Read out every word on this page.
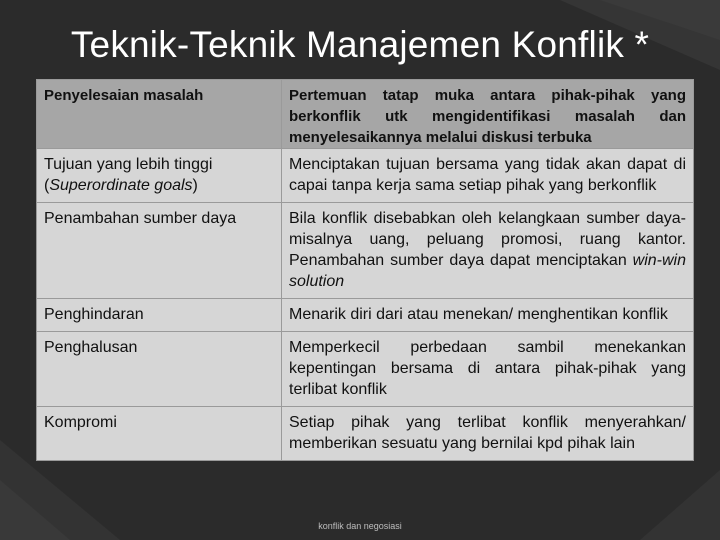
Teknik-Teknik Manajemen Konflik *
Penyelesaian masalah	Pertemuan tatap muka antara pihak-pihak yang berkonflik utk mengidentifikasi masalah dan menyelesaikannya melalui diskusi terbuka
Tujuan yang lebih tinggi
(Superordinate goals)	Menciptakan tujuan bersama yang tidak akan dapat di capai tanpa kerja sama setiap pihak yang berkonflik
Penambahan sumber daya	Bila konflik disebabkan oleh kelangkaan sumber daya- misalnya uang, peluang promosi, ruang kantor. Penambahan sumber daya dapat menciptakan win-win solution
Penghindaran	Menarik diri dari atau menekan/ menghentikan konflik
Penghalusan	Memperkecil perbedaan sambil menekankan kepentingan bersama di antara pihak-pihak yang terlibat konflik
Kompromi	Setiap pihak yang terlibat konflik menyerahkan/ memberikan sesuatu yang bernilai kpd pihak lain
konflik dan negosiasi
